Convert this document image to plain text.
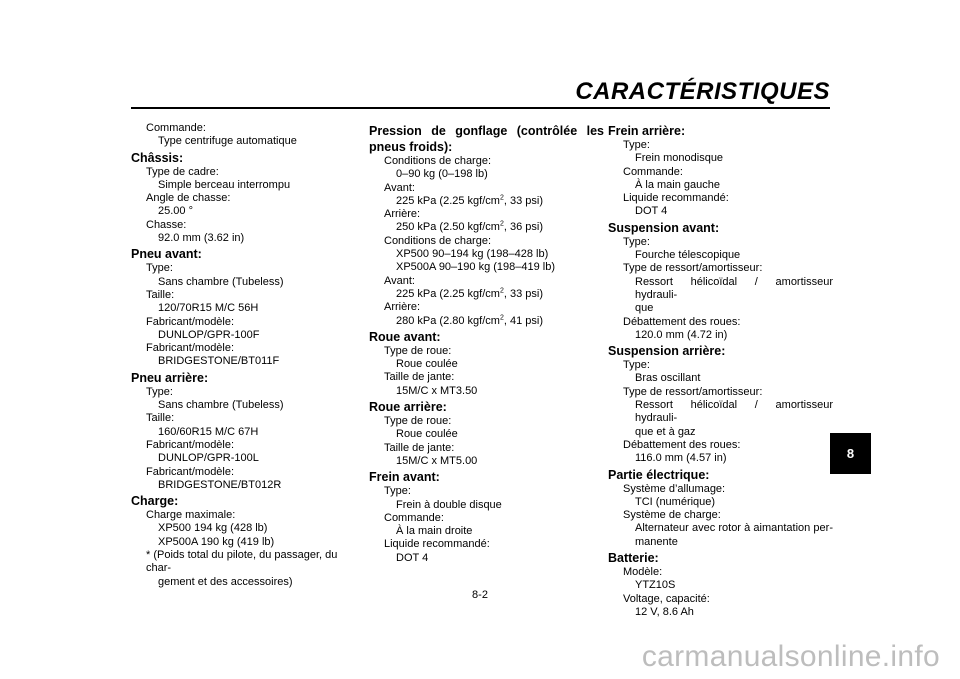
CARACTÉRISTIQUES
Commande:
Type centrifuge automatique
Châssis:
Type de cadre:
Simple berceau interrompu
Angle de chasse:
25.00 °
Chasse:
92.0 mm (3.62 in)
Pneu avant:
Type:
Sans chambre (Tubeless)
Taille:
120/70R15 M/C 56H
Fabricant/modèle:
DUNLOP/GPR-100F
Fabricant/modèle:
BRIDGESTONE/BT011F
Pneu arrière:
Type:
Sans chambre (Tubeless)
Taille:
160/60R15 M/C 67H
Fabricant/modèle:
DUNLOP/GPR-100L
Fabricant/modèle:
BRIDGESTONE/BT012R
Charge:
Charge maximale:
XP500 194 kg (428 lb)
XP500A 190 kg (419 lb)
* (Poids total du pilote, du passager, du char-
gement et des accessoires)
Pression de gonflage (contrôlée les pneus froids):
Conditions de charge:
0–90 kg (0–198 lb)
Avant:
225 kPa (2.25 kgf/$cm^2$, 33 psi)
Arrière:
250 kPa (2.50 kgf/$cm^2$, 36 psi)
Conditions de charge:
XP500 90–194 kg (198–428 lb)
XP500A 90–190 kg (198–419 lb)
Avant:
225 kPa (2.25 kgf/$cm^2$, 33 psi)
Arrière:
280 kPa (2.80 kgf/$cm^2$, 41 psi)
Roue avant:
Type de roue:
Roue coulée
Taille de jante:
15M/C x MT3.50
Roue arrière:
Type de roue:
Roue coulée
Taille de jante:
15M/C x MT5.00
Frein avant:
Type:
Frein à double disque
Commande:
À la main droite
Liquide recommandé:
DOT 4
Frein arrière:
Type:
Frein monodisque
Commande:
À la main gauche
Liquide recommandé:
DOT 4
Suspension avant:
Type:
Fourche télescopique
Type de ressort/amortisseur:
Ressort hélicoïdal / amortisseur hydrauli-
que
Débattement des roues:
120.0 mm (4.72 in)
Suspension arrière:
Type:
Bras oscillant
Type de ressort/amortisseur:
Ressort hélicoïdal / amortisseur hydrauli-
que et à gaz
Débattement des roues:
116.0 mm (4.57 in)
Partie électrique:
Système d’allumage:
TCI (numérique)
Système de charge:
Alternateur avec rotor à aimantation per-
manente
Batterie:
Modèle:
YTZ10S
Voltage, capacité:
12 V, 8.6 Ah
8
8-2
carmanualsonline.info
